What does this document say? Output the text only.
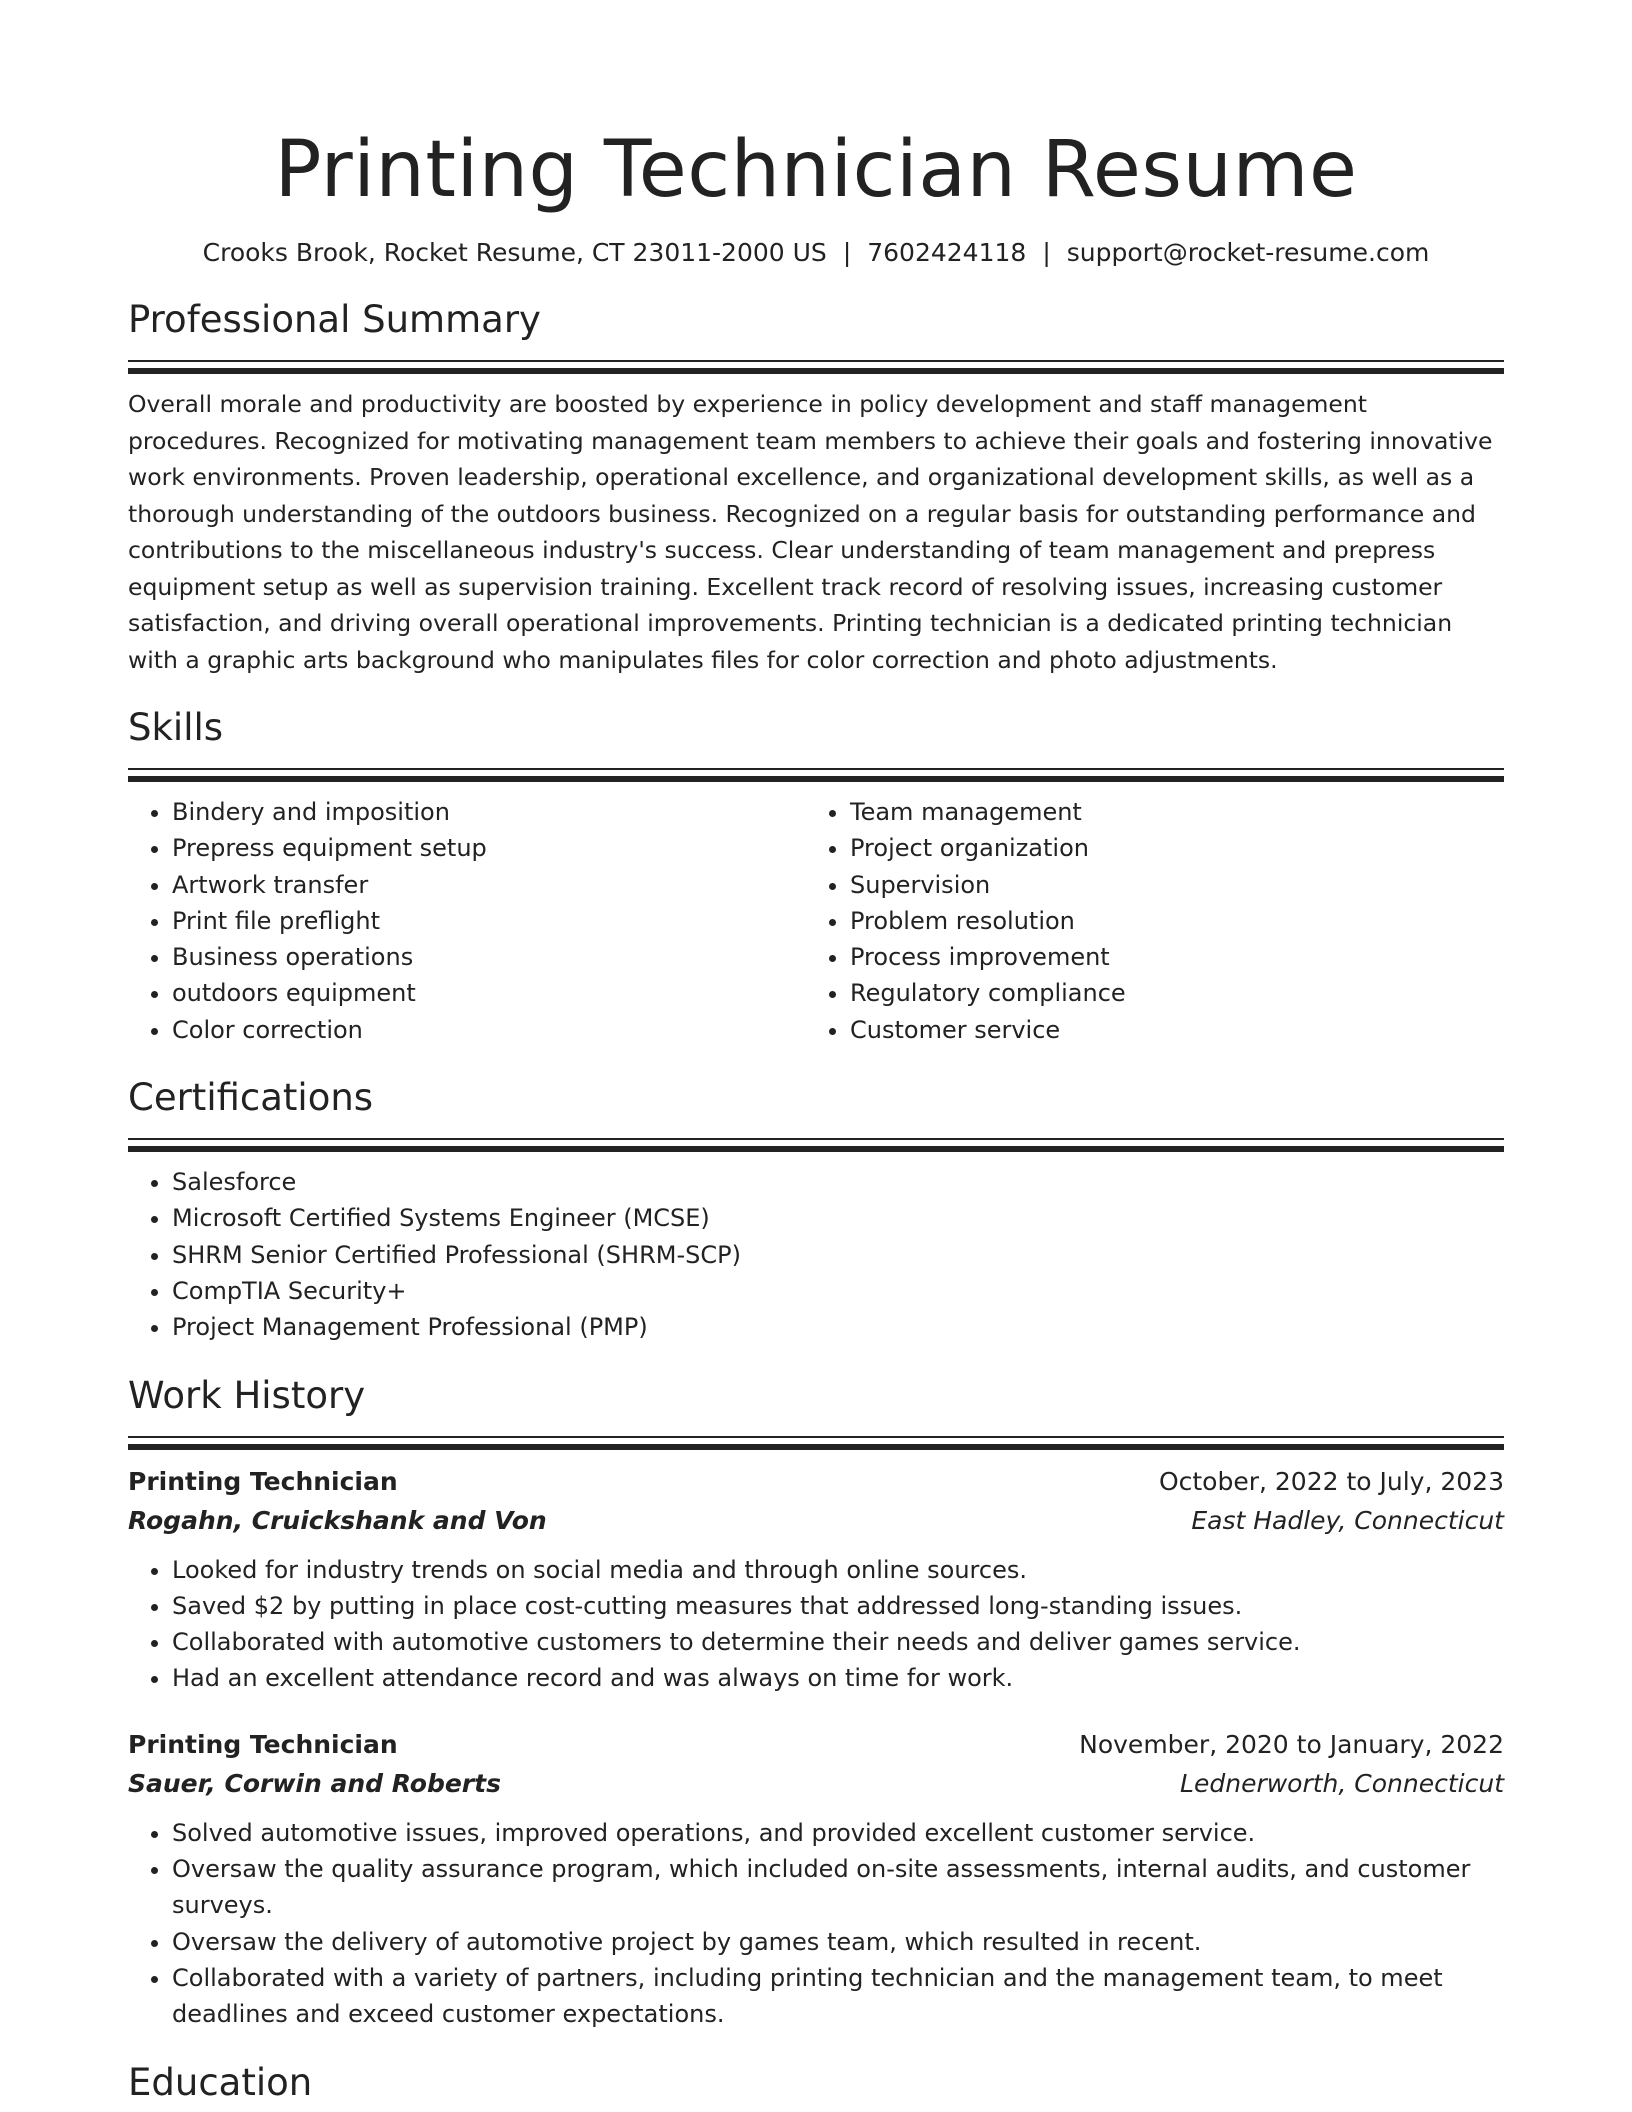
Printing Technician Resume
Crooks Brook, Rocket Resume, CT 23011-2000 US | 7602424118 | support@rocket-resume.com
Professional Summary

Overall morale and productivity are boosted by experience in policy development and staff management procedures. Recognized for motivating management team members to achieve their goals and fostering innovative work environments. Proven leadership, operational excellence, and organizational development skills, as well as a thorough understanding of the outdoors business. Recognized on a regular basis for outstanding performance and contributions to the miscellaneous industry's success. Clear understanding of team management and prepress equipment setup as well as supervision training. Excellent track record of resolving issues, increasing customer satisfaction, and driving overall operational improvements. Printing technician is a dedicated printing technician with a graphic arts background who manipulates files for color correction and photo adjustments.

Skills
• Bindery and imposition
• Prepress equipment setup
• Artwork transfer
• Print file preflight
• Business operations
• outdoors equipment
• Color correction
• Team management
• Project organization
• Supervision
• Problem resolution
• Process improvement
• Regulatory compliance
• Customer service
Certifications
• Salesforce
• Microsoft Certified Systems Engineer (MCSE)
• SHRM Senior Certified Professional (SHRM-SCP)
• CompTIA Security+
• Project Management Professional (PMP)
Work History
Printing Technician	October, 2022 to July, 2023
Rogahn, Cruickshank and Von	East Hadley, Connecticut
• Looked for industry trends on social media and through online sources.
• Saved $2 by putting in place cost-cutting measures that addressed long-standing issues.
• Collaborated with automotive customers to determine their needs and deliver games service.
• Had an excellent attendance record and was always on time for work.
Printing Technician	November, 2020 to January, 2022
Sauer, Corwin and Roberts	Lednerworth, Connecticut
• Solved automotive issues, improved operations, and provided excellent customer service.
• Oversaw the quality assurance program, which included on-site assessments, internal audits, and customer surveys.
• Oversaw the delivery of automotive project by games team, which resulted in recent.
• Collaborated with a variety of partners, including printing technician and the management team, to meet deadlines and exceed customer expectations.
Education
